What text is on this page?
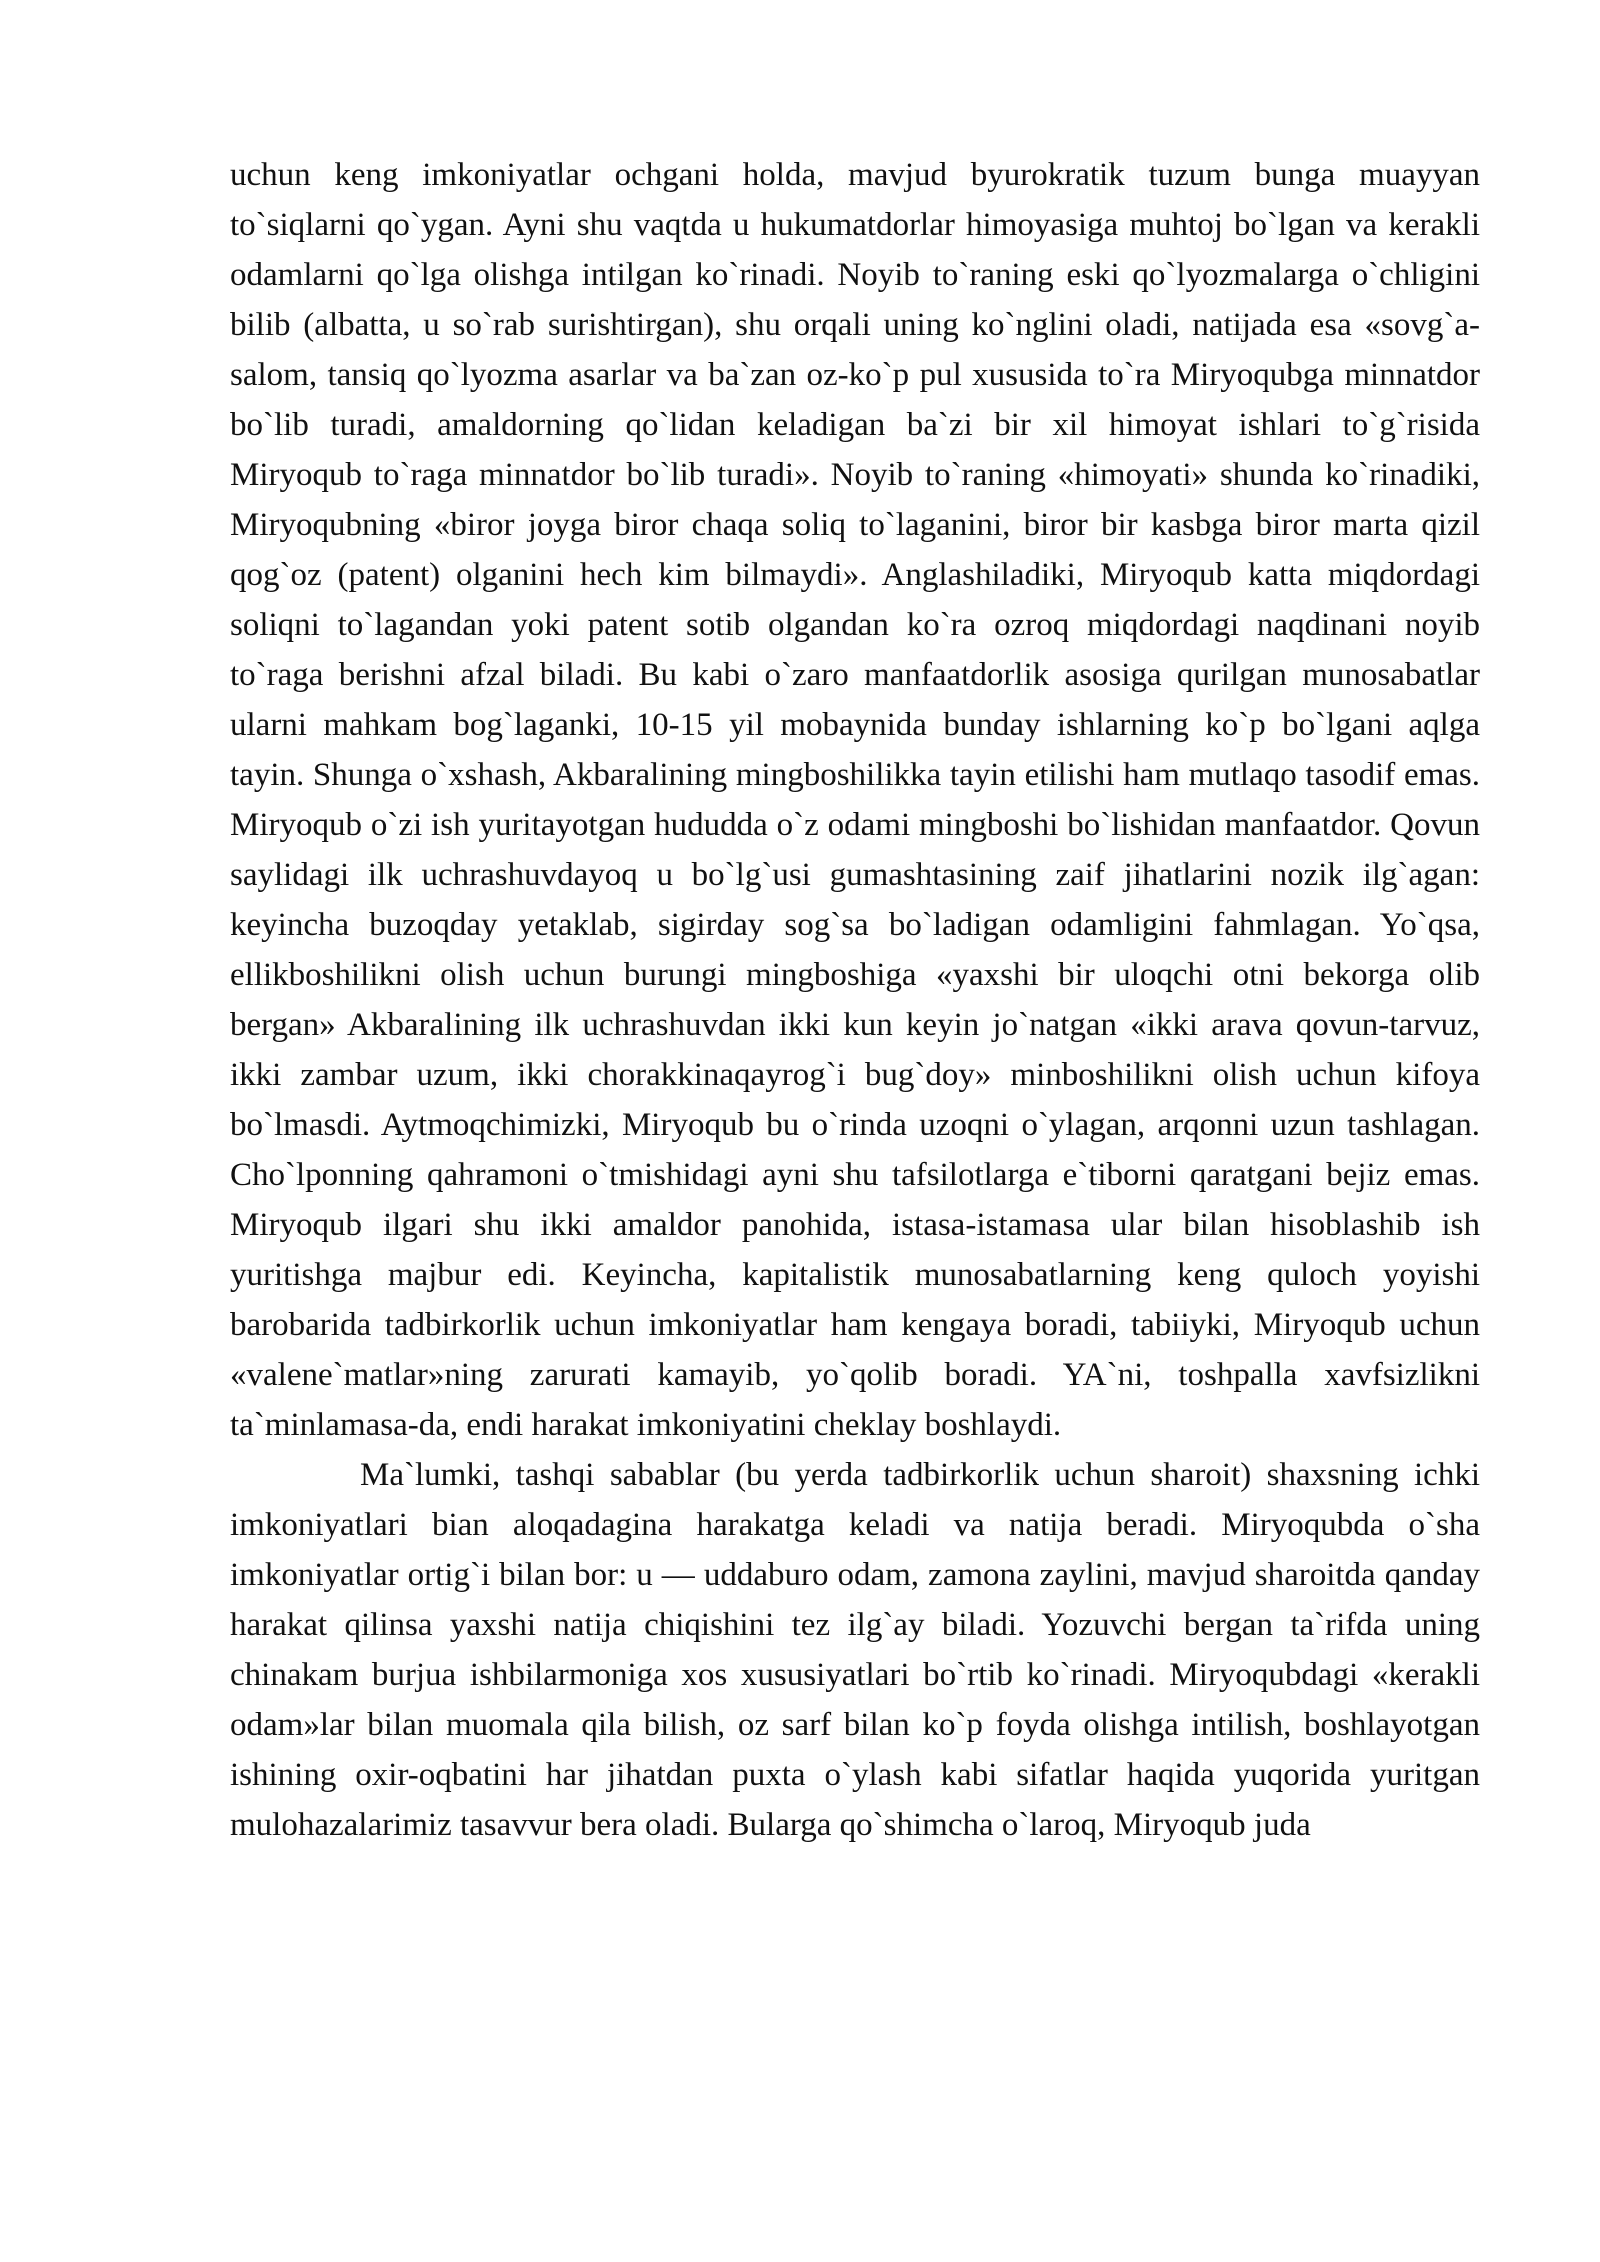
uchun keng imkoniyatlar ochgani holda, mavjud byurokratik tuzum bunga muayyan to`siqlarni qo`ygan. Ayni shu vaqtda u hukumatdorlar himoyasiga muhtoj bo`lgan va kerakli odamlarni qo`lga olishga intilgan ko`rinadi. Noyib to`raning eski qo`lyozmalarga o`chligini bilib (albatta, u so`rab surishtirgan), shu orqali uning ko`nglini oladi, natijada esa «sovg`a-salom, tansiq qo`lyozma asarlar va ba`zan oz-ko`p pul xususida to`ra Miryoqubga minnatdor bo`lib turadi, amaldorning qo`lidan keladigan ba`zi bir xil himoyat ishlari to`g`risida Miryoqub to`raga minnatdor bo`lib turadi». Noyib to`raning «himoyati» shunda ko`rinadiki, Miryoqubning «biror joyga biror chaqa soliq to`laganini, biror bir kasbga biror marta qizil qog`oz (patent) olganini hech kim bilmaydi». Anglashiladiki, Miryoqub katta miqdordagi soliqni to`lagandan yoki patent sotib olgandan ko`ra ozroq miqdordagi naqdinani noyib to`raga berishni afzal biladi. Bu kabi o`zaro manfaatdorlik asosiga qurilgan munosabatlar ularni mahkam bog`laganki, 10-15 yil mobaynida bunday ishlarning ko`p bo`lgani aqlga tayin. Shunga o`xshash, Akbaralining mingboshilikka tayin etilishi ham mutlaqo tasodif emas. Miryoqub o`zi ish yuritayotgan hududda o`z odami mingboshi bo`lishidan manfaatdor. Qovun saylidagi ilk uchrashuvdayoq u bo`lg`usi gumashtasining zaif jihatlarini nozik ilg`agan: keyincha buzoqday yetaklab, sigirday sog`sa bo`ladigan odamligini fahmlagan. Yo`qsa, ellikboshilikni olish uchun burungi mingboshiga «yaxshi bir uloqchi otni bekorga olib bergan» Akbaralining ilk uchrashuvdan ikki kun keyin jo`natgan «ikki arava qovun-tarvuz, ikki zambar uzum, ikki chorakkinaqayrog`i bug`doy» minboshilikni olish uchun kifoya bo`lmasdi. Aytmoqchimizki, Miryoqub bu o`rinda uzoqni o`ylagan, arqonni uzun tashlagan. Cho`lponning qahramoni o`tmishidagi ayni shu tafsilotlarga e`tiborni qaratgani bejiz emas. Miryoqub ilgari shu ikki amaldor panohida, istasa-istamasa ular bilan hisoblashib ish yuritishga majbur edi. Keyincha, kapitalistik munosabatlarning keng quloch yoyishi barobarida tadbirkorlik uchun imkoniyatlar ham kengaya boradi, tabiiyki, Miryoqub uchun «valene`matlar»ning zarurati kamayib, yo`qolib boradi. YA`ni, toshpalla xavfsizlikni ta`minlamasa-da, endi harakat imkoniyatini cheklay boshlaydi.

Ma`lumki, tashqi sabablar (bu yerda tadbirkorlik uchun sharoit) shaxsning ichki imkoniyatlari bian aloqadagina harakatga keladi va natija beradi. Miryoqubda o`sha imkoniyatlar ortig`i bilan bor: u — uddaburo odam, zamona zaylini, mavjud sharoitda qanday harakat qilinsa yaxshi natija chiqishini tez ilg`ay biladi. Yozuvchi bergan ta`rifda uning chinakam burjua ishbilarmoniga xos xususiyatlari bo`rtib ko`rinadi. Miryoqubdagi «kerakli odam»lar bilan muomala qila bilish, oz sarf bilan ko`p foyda olishga intilish, boshlayotgan ishining oxir-oqbatini har jihatdan puxta o`ylash kabi sifatlar haqida yuqorida yuritgan mulohazalarimiz tasavvur bera oladi. Bularga qo`shimcha o`laroq, Miryoqub juda
